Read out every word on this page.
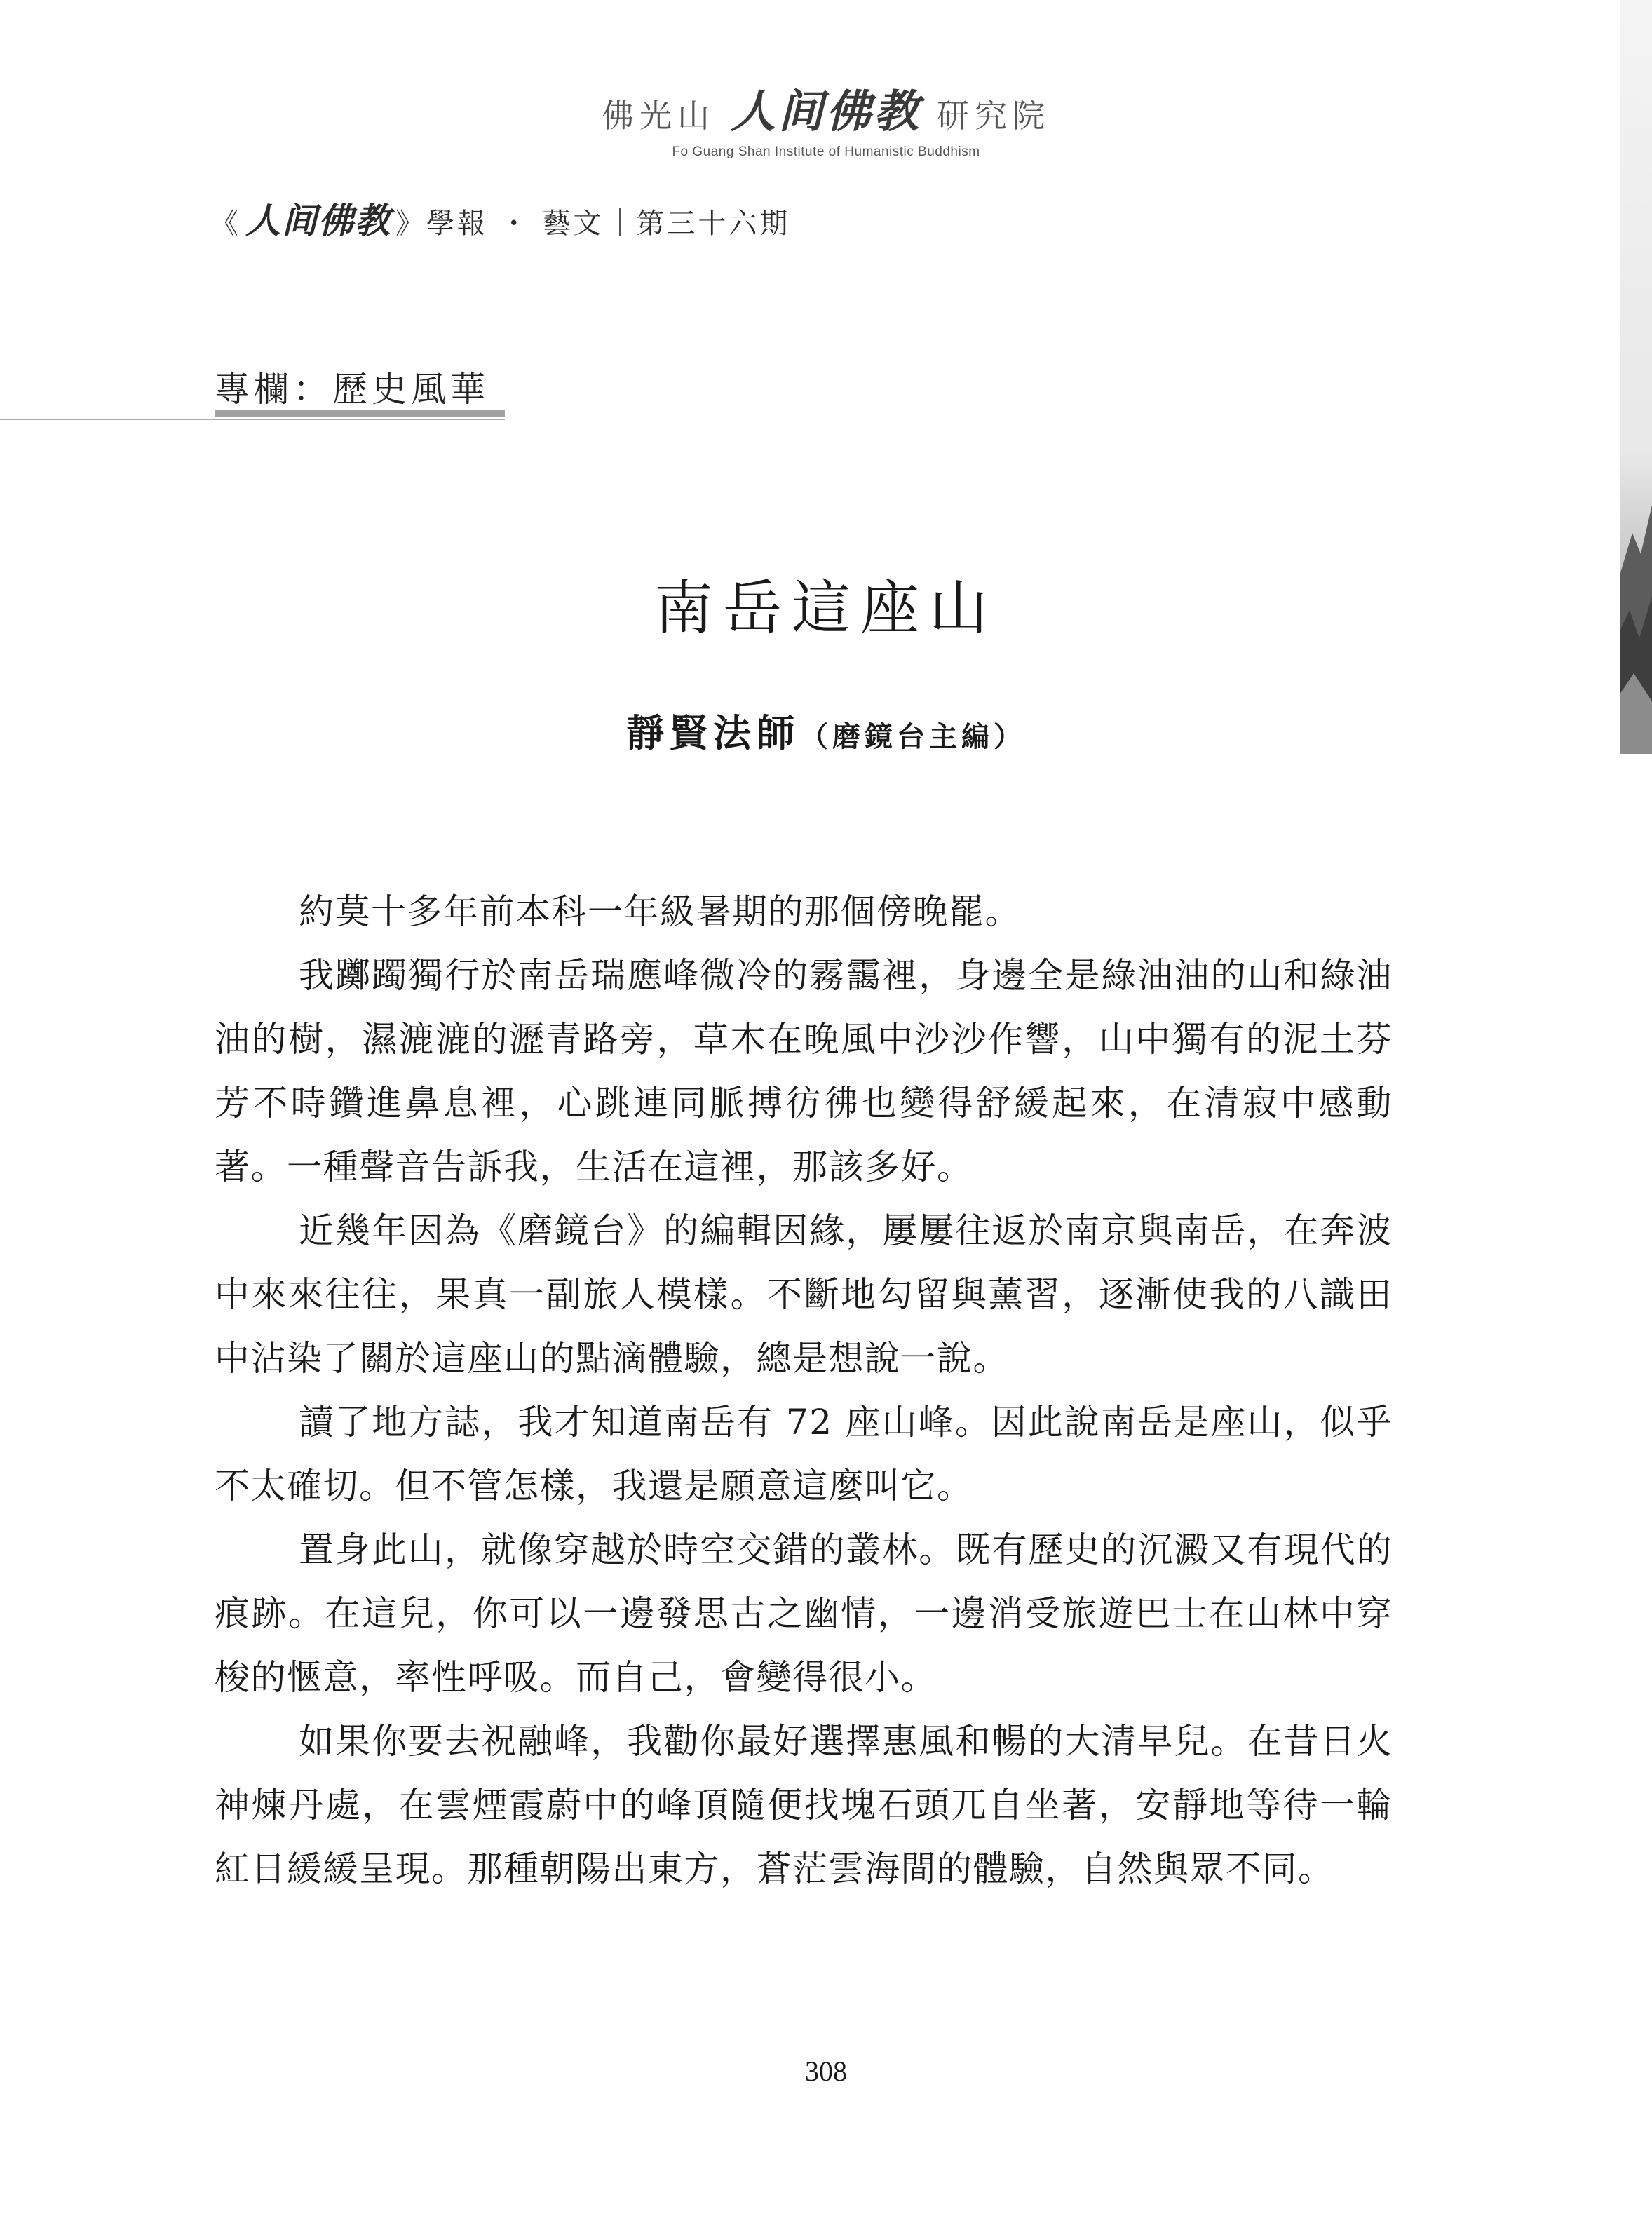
佛光山 人间佛教 研究院
Fo Guang Shan Institute of Humanistic Buddhism
《 人间佛教 》學報 ・ 藝文 第三十六期
專欄：歷史風華
南岳這座山
靜賢法師（磨鏡台主編）

約莫十多年前本科一年級暑期的那個傍晚罷。

我躑躅獨行於南岳瑞應峰微冷的霧靄裡，身邊全是綠油油的山和綠油油的樹，濕漉漉的瀝青路旁，草木在晚風中沙沙作響，山中獨有的泥土芬芳不時鑽進鼻息裡，心跳連同脈搏彷彿也變得舒緩起來，在清寂中感動著。一種聲音告訴我，生活在這裡，那該多好。

近幾年因為《磨鏡台》的編輯因緣，屢屢往返於南京與南岳，在奔波中來來往往，果真一副旅人模樣。不斷地勾留與薰習，逐漸使我的八識田中沾染了關於這座山的點滴體驗，總是想說一說。

讀了地方誌，我才知道南岳有 72 座山峰。因此說南岳是座山，似乎不太確切。但不管怎樣，我還是願意這麼叫它。

置身此山，就像穿越於時空交錯的叢林。既有歷史的沉澱又有現代的痕跡。在這兒，你可以一邊發思古之幽情，一邊消受旅遊巴士在山林中穿梭的愜意，率性呼吸。而自己，會變得很小。

如果你要去祝融峰，我勸你最好選擇惠風和暢的大清早兒。在昔日火神煉丹處，在雲煙霞蔚中的峰頂隨便找塊石頭兀自坐著，安靜地等待一輪紅日緩緩呈現。那種朝陽出東方，蒼茫雲海間的體驗，自然與眾不同。

308
